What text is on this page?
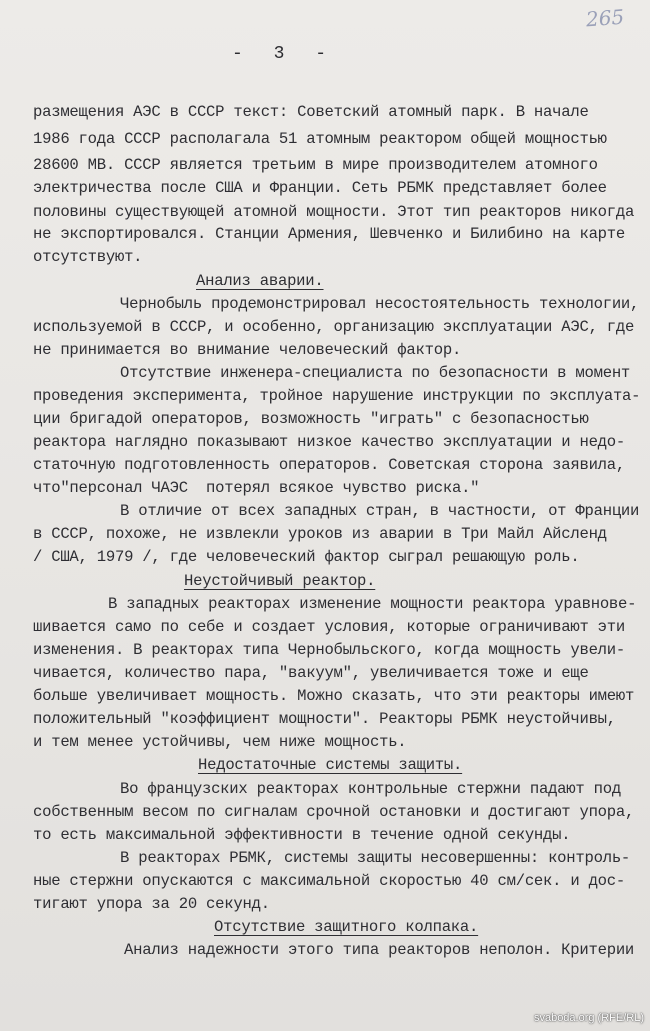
265
- 3 -
размещения АЭС в СССР текст: Советский атомный парк. В начале
1986 года СССР располагала 51 атомным реактором общей мощностью
28600 МВ. СССР является третьим в мире производителем атомного
электричества после США и Франции. Сеть РБМК представляет более
половины существующей атомной мощности. Этот тип реакторов никогда
не экспортировался. Станции Армения, Шевченко и Билибино на карте
отсутствуют.
Анализ аварии.
Чернобыль продемонстрировал несостоятельность технологии,
используемой в СССР, и особенно, организацию эксплуатации АЭС, где
не принимается во внимание человеческий фактор.
Отсутствие инженера-специалиста по безопасности в момент
проведения эксперимента, тройное нарушение инструкции по эксплуата-
ции бригадой операторов, возможность "играть" с безопасностью
реактора наглядно показывают низкое качество эксплуатации и недо-
статочную подготовленность операторов. Советская сторона заявила,
что"персонал ЧАЭС  потерял всякое чувство риска."
В отличие от всех западных стран, в частности, от Франции
в СССР, похоже, не извлекли уроков из аварии в Три Майл Айсленд
/ США, 1979 /, где человеческий фактор сыграл решающую роль.
Неустойчивый реактор.
В западных реакторах изменение мощности реактора уравнове-
шивается само по себе и создает условия, которые ограничивают эти
изменения. В реакторах типа Чернобыльского, когда мощность увели-
чивается, количество пара, "вакуум", увеличивается тоже и еще
больше увеличивает мощность. Можно сказать, что эти реакторы имеют
положительный "коэффициент мощности". Реакторы РБМК неустойчивы,
и тем менее устойчивы, чем ниже мощность.
Недостаточные системы защиты.
Во французских реакторах контрольные стержни падают под
собственным весом по сигналам срочной остановки и достигают упора,
то есть максимальной эффективности в течение одной секунды.
В реакторах РБМК, системы защиты несовершенны: контроль-
ные стержни опускаются с максимальной скоростью 40 см/сек. и дос-
тигают упора за 20 секунд.
Отсутствие защитного колпака.
Анализ надежности этого типа реакторов неполон. Критерии
svaboda.org (RFE/RL)
